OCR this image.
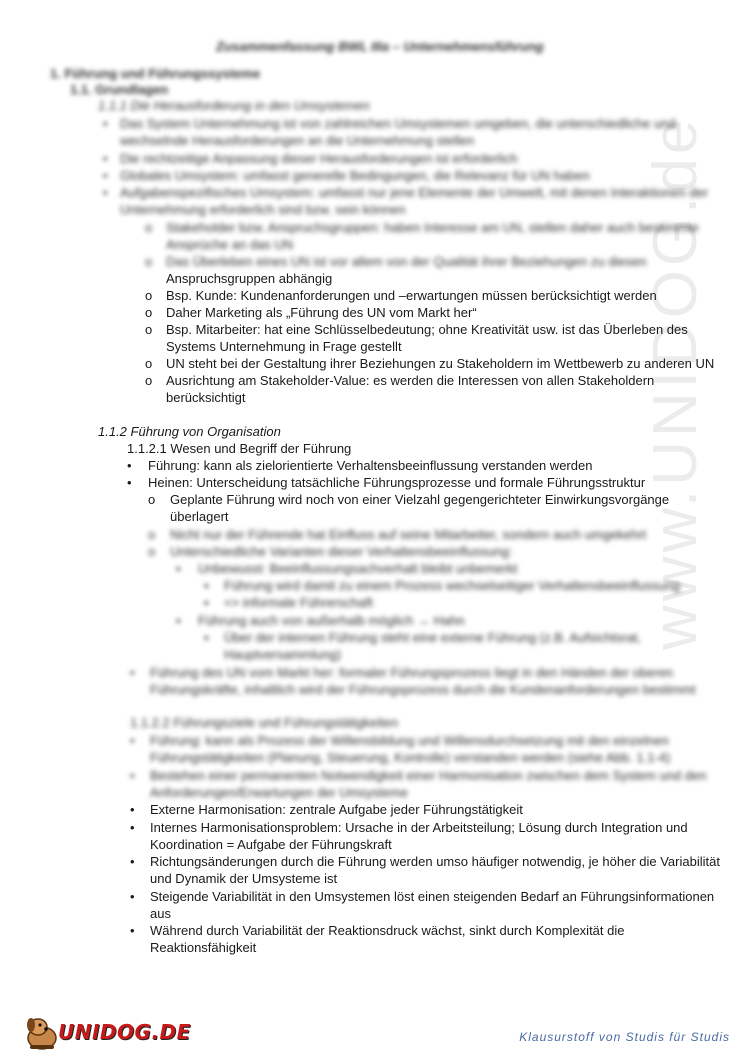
www.UNIDOG.de
Zusammenfassung BWL IIIa – Unternehmensführung
1. Führung und Führungssysteme
1.1. Grundlagen
1.1.1 Die Herausforderung in den Umsystemen
•
Das System Unternehmung ist von zahlreichen Umsystemen umgeben, die unterschiedliche und
wechselnde Herausforderungen an die Unternehmung stellen
•
Die rechtzeitige Anpassung dieser Herausforderungen ist erforderlich
•
Globales Umsystem: umfasst generelle Bedingungen, die Relevanz für UN haben
•
Aufgabenspezifisches Umsystem: umfasst nur jene Elemente der Umwelt, mit denen Interaktionen der
Unternehmung erforderlich sind bzw. sein können
o
Stakeholder bzw. Anspruchsgruppen: haben Interesse am UN, stellen daher auch bestimmte
Ansprüche an das UN
o
Das Überleben eines UN ist vor allem von der Qualität ihrer Beziehungen zu diesen
Anspruchsgruppen abhängig
o
Bsp. Kunde: Kundenanforderungen und –erwartungen müssen berücksichtigt werden
o
Daher Marketing als „Führung des UN vom Markt her“
o
Bsp. Mitarbeiter: hat eine Schlüsselbedeutung; ohne Kreativität usw. ist das Überleben des
Systems Unternehmung in Frage gestellt
o
UN steht bei der Gestaltung ihrer Beziehungen zu Stakeholdern im Wettbewerb zu anderen UN
o
Ausrichtung am Stakeholder-Value: es werden die Interessen von allen Stakeholdern
berücksichtigt
1.1.2 Führung von Organisation
1.1.2.1 Wesen und Begriff der Führung
•
Führung: kann als zielorientierte Verhaltensbeeinflussung verstanden werden
•
Heinen: Unterscheidung tatsächliche Führungsprozesse und formale Führungsstruktur
o
Geplante Führung wird noch von einer Vielzahl gegengerichteter Einwirkungsvorgänge
überlagert
o
Nicht nur der Führende hat Einfluss auf seine Mitarbeiter, sondern auch umgekehrt
o
Unterschiedliche Varianten dieser Verhaltensbeeinflussung:
▪
Unbewusst: Beeinflussungsachverhalt bleibt unbemerkt
▪
Führung wird damit zu einem Prozess wechselseitiger Verhaltensbeeinflussung
▪
=> informale Führerschaft
▪
Führung auch von außerhalb möglich → Hahn
▪
Über der internen Führung steht eine externe Führung (z.B. Aufsichtsrat,
Hauptversammlung)
•
Führung des UN vom Markt her: formaler Führungsprozess liegt in den Händen der oberen
Führungskräfte, inhaltlich wird der Führungsprozess durch die Kundenanforderungen bestimmt
1.1.2.2 Führungsziele und Führungstätigkeiten
•
Führung: kann als Prozess der Willensbildung und Willensdurchsetzung mit den einzelnen
Führungstätigkeiten (Planung, Steuerung, Kontrolle) verstanden werden (siehe Abb. 1.1-4)
•
Bestehen einer permanenten Notwendigkeit einer Harmonisation zwischen dem System und den
Anforderungen/Erwartungen der Umsysteme
•
Externe Harmonisation: zentrale Aufgabe jeder Führungstätigkeit
•
Internes Harmonisationsproblem: Ursache in der Arbeitsteilung; Lösung durch Integration und
Koordination = Aufgabe der Führungskraft
•
Richtungsänderungen durch die Führung werden umso häufiger notwendig, je höher die Variabilität
und Dynamik der Umsysteme ist
•
Steigende Variabilität in den Umsystemen löst einen steigenden Bedarf an Führungsinformationen
aus
•
Während durch Variabilität der Reaktionsdruck wächst, sinkt durch Komplexität die
Reaktionsfähigkeit
UNIDOG.DE	Klausurstoff von Studis für Studis
